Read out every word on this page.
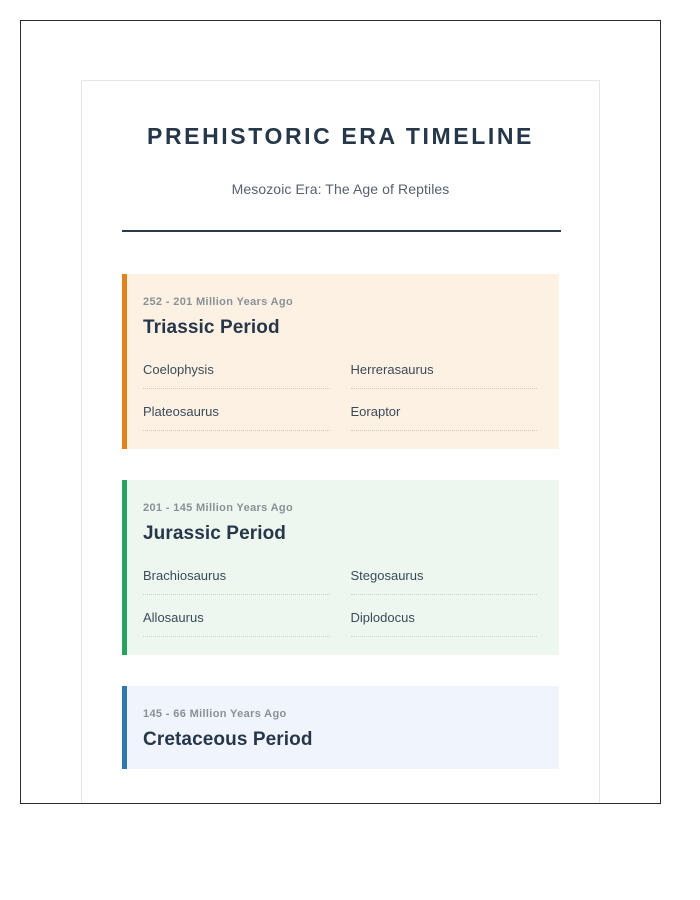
PREHISTORIC ERA TIMELINE

Mesozoic Era: The Age of Reptiles

252 - 201 Million Years Ago
Triassic Period
Coelophysis	Herrerasaurus
Plateosaurus	Eoraptor
201 - 145 Million Years Ago
Jurassic Period
Brachiosaurus	Stegosaurus
Allosaurus	Diplodocus
145 - 66 Million Years Ago
Cretaceous Period
